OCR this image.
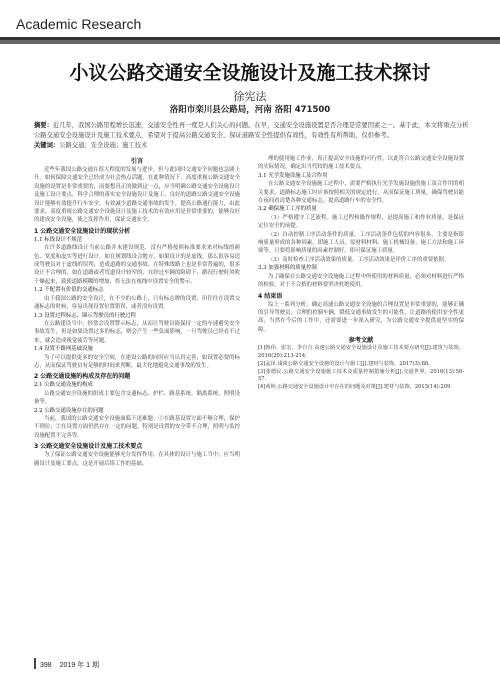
Academic Research
小议公路交通安全设施设计及施工技术探讨
徐宪法
洛阳市栾川县公路局，河南 洛阳 471500
摘要：近几年，我国公路里程增长迅速，交通安全性再一度是人们关心的问题。在早，交通安全设施设置是否合理是常要因素之一。基于此，本文将重点分析公路交通安全设施设计及施工技术要点，希望对于提高公路交通安全、保证道路安全性提供有效性，有效性有所帮助，仅供参考。
关键词：公路交通；安全设施；施工技术

引言

近些年我国公路交通在很大程度的发展与进步，但与此同时交通安全问题也急剧上升。如何保障交通安全已经成为社会热点话题。在此种情况下，高度重视公路交通安全设施的设置是非常重要的，而要想真正的做到这一点，应当明确公路交通安全设施设计及施工设计要点，科学合理的落实安全设施设计及施工。良好的道路公路交通安全设施设计能够有效提升行车安全，有效减少道路交通事故的发生，提高公路通行能力，由此要求，高度重视公路交通安全设施设计及施工技术的有效应用是非常重要的，能够良好的建成安全设施，使之发挥作用，保证交通安全。

1 公路交通安全设施设计的现状分析

1.1 标线设计不规范

在许多道路线设计当前公路并未建设规范，没有严格按照标准要求来对标线的颜色、宽度和虚实等进行设计。如在规划线设合地方，如果设计的是虚线，那么很容易造成驾驶员对于虚线的误判，造成道路的交通事故。在特殊线路上也是非常普遍的，很多设计不合理的，如在道路或者弯道设计较窄的，在经过车辆的阻碍下，路况行驶时风吹干燥起来，致使道路模糊的增加，将无法在视线中设置安全的警示。

1.2 不配置有价值的交通标志

由于我国公路的安全设计，在不少的公路上，只有标志牌的设置，但往往在设置交通标志的时候，容易出现设置位置错误，或者没有设置。

1.3 设置过程标志，圈示驾驶员的行驶过程

在公路建设当中，经常会设置警示标志，从而让驾驶员能保持一定的车速避免安全事故发生，但是如果设置过多的标志，则会产生一些负面影响，一旦驾驶员已经看不过来，就会造成视觉疲劳等问题。

1.4 设置不路网基础设施

为了可以提供更多的安全空间，在建设公路的同时应当认真完善，如设置必要的标志，从而保证驾驶员有足够的时间来判断，最大化地避免交通事故的发生。

2 公路交通设施的构成及存在的问题

2.1 公路交通设施的构成

公路交通安全设施的组成主要包含交通标志、护栏、路基系统、隔离系统、照明设备等。

2.2 公路交通设施存在的问题

当前，我国的公路交通安全设施面临下述难题：①在路基设置方面不够合理，保护不到位；②在设置方面仍然存在一定的问题，特别是设置的安全带不合理，照明与监控设施配置不完善等。

3 公路交通安全设施设计及施工技术要点

为了保证公路交通安全设施能够充分发挥作用，在具体的设计与施工当中，应当明确设计及施工要点，这是开展后续工作的基础。

理的使用施工作业，真正提高安全设施的可行性，以此符合公路交通安全设施设置的实际情况，确定出当代较的施工技术要点。

3.1 光学发施设施工及合作用

在公路交通安全设施施工过程中，需要严格执行光学发施设施的施工及合作用的相关要求，道路标志施工时应该按照相关的规定进行，从而保证施工质量，确保驾驶员能在夜间看清楚各种交通标志，提高道路行车的安全性。

3.2 确保施工工序的质量

（1）严格遵守工艺流程。施工过程和操作规程，是提高施工和作业质量，是保证定位安全的前提。

（2）自动控制工序活动条件的质量。工序活动条件包括的内容很多，主要是指影响质量形成的各种因素，即施工人员、原材料材料、施工机械设备、施工方法和施工环境等。只要将影响质量的因素控制好，即可保证施工质量。

（3）及时检查工序活动效果的质量。工序活动效果是评价工序的重要依据。

3.3 加强材料的质量控制

为了确保在公路交通安全设施施工过程中所使用的材料质量，必须对材料进行严格的检验，对于不合格的材料要坚决杜绝使用。

4 结束语

综上一系列分析，确定高速公路交通安全设施的合理设置是非常重要的，能够正确的引导驾驶员，合理的控制车辆，降低交通事故发生的可能性，让道路的使用安全性更高，当然在今后的工作中，还需要进一步深入研究，为公路交通安全提供更坚实的保障。

参考文献

[1]韩伟、张宏、李自合.高速公路交通安全设施设计及施工技术要点研究[J].建筑与装饰，2016(20):213-214.

[2]孟泽.浅谈公路交通安全设施的设计与施工[J].建材与装饰，2017(3):88.

[3]张德民.公路交通安全设施施工技术及质量控制措施分析[J].交通世界，2016(13):56-57.

[4]黄婷.公路交通安全设施设计中存在的问题及对策[J].建材与装饰，2015(14):209.

398 2019 年 1 期
